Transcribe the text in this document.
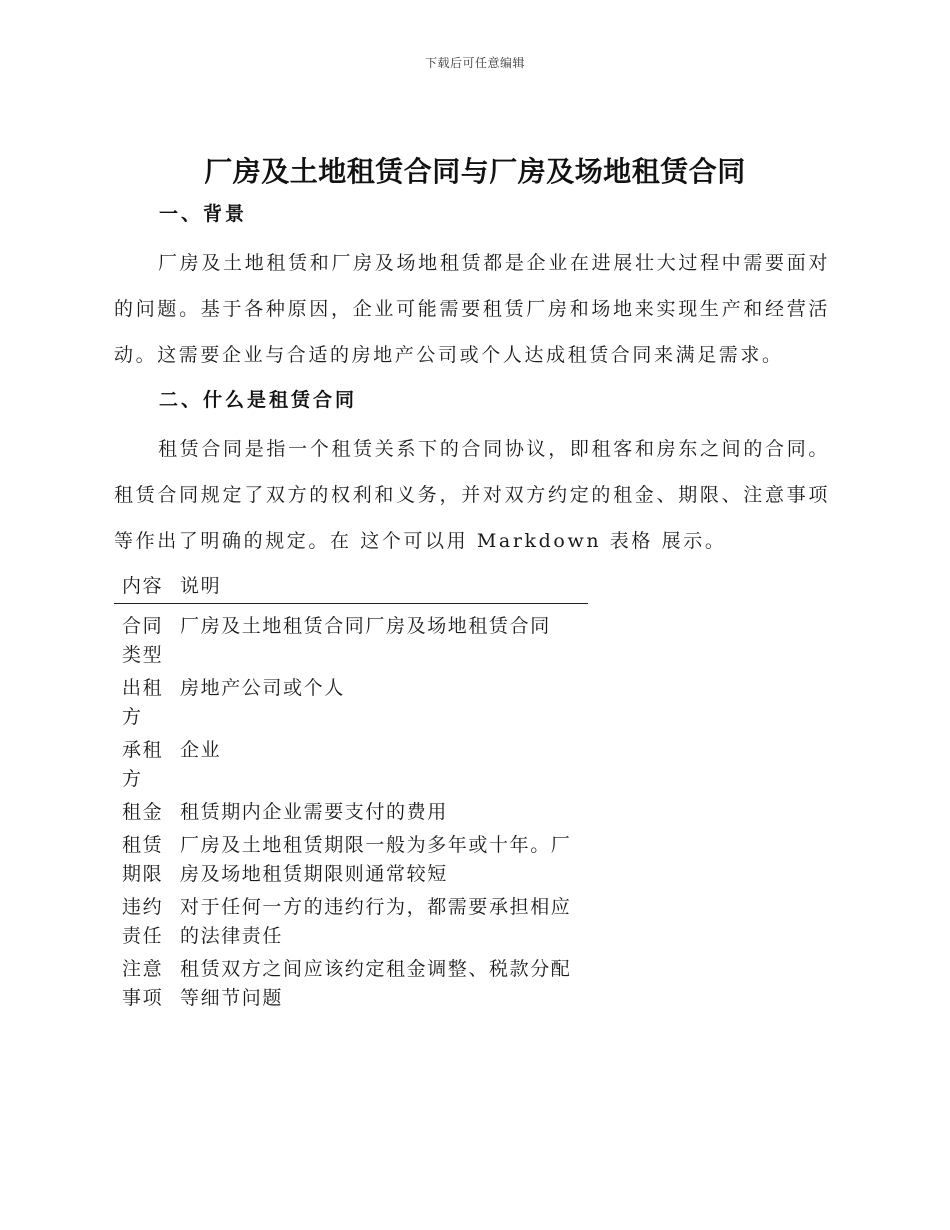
下载后可任意编辑
厂房及土地租赁合同与厂房及场地租赁合同
一、背景
厂房及土地租赁和厂房及场地租赁都是企业在进展壮大过程中需要面对的问题。基于各种原因，企业可能需要租赁厂房和场地来实现生产和经营活动。这需要企业与合适的房地产公司或个人达成租赁合同来满足需求。
二、什么是租赁合同
租赁合同是指一个租赁关系下的合同协议，即租客和房东之间的合同。租赁合同规定了双方的权利和义务，并对双方约定的租金、期限、注意事项等作出了明确的规定。在 这个可以用 Markdown 表格 展示。
内容 说明
合同类型
厂房及土地租赁合同厂房及场地租赁合同
出租方
房地产公司或个人
承租方
企业
租金 租赁期内企业需要支付的费用
租赁期限
厂房及土地租赁期限一般为多年或十年。厂房及场地租赁期限则通常较短
违约责任
对于任何一方的违约行为，都需要承担相应的法律责任
注意事项
租赁双方之间应该约定租金调整、税款分配等细节问题
